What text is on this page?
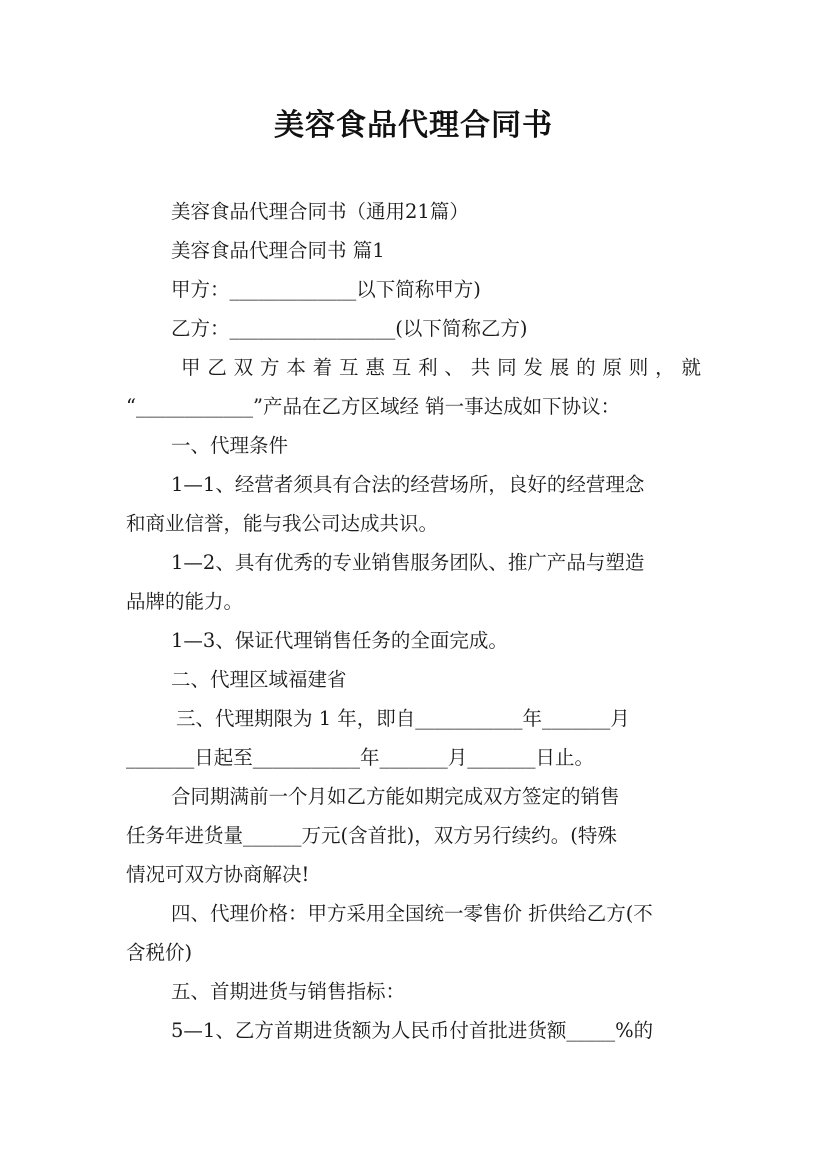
美容食品代理合同书
美容食品代理合同书（通用21篇）
美容食品代理合同书 篇1
甲方：_____________以下简称甲方)
乙方：_________________(以下简称乙方)
甲乙双方本着互惠互利、共同发展的原则，就
“____________”产品在乙方区域经 销一事达成如下协议：
一、代理条件
1—1、经营者须具有合法的经营场所，良好的经营理念
和商业信誉，能与我公司达成共识。
1—2、具有优秀的专业销售服务团队、推广产品与塑造
品牌的能力。
1—3、保证代理销售任务的全面完成。
二、代理区域福建省
三、代理期限为 1 年，即自___________年_______月
_______日起至___________年_______月_______日止。
合同期满前一个月如乙方能如期完成双方签定的销售
任务年进货量______万元(含首批)，双方另行续约。(特殊
情况可双方协商解决!
四、代理价格：甲方采用全国统一零售价 折供给乙方(不
含税价)
五、首期进货与销售指标：
5—1、乙方首期进货额为人民币付首批进货额_____%的
